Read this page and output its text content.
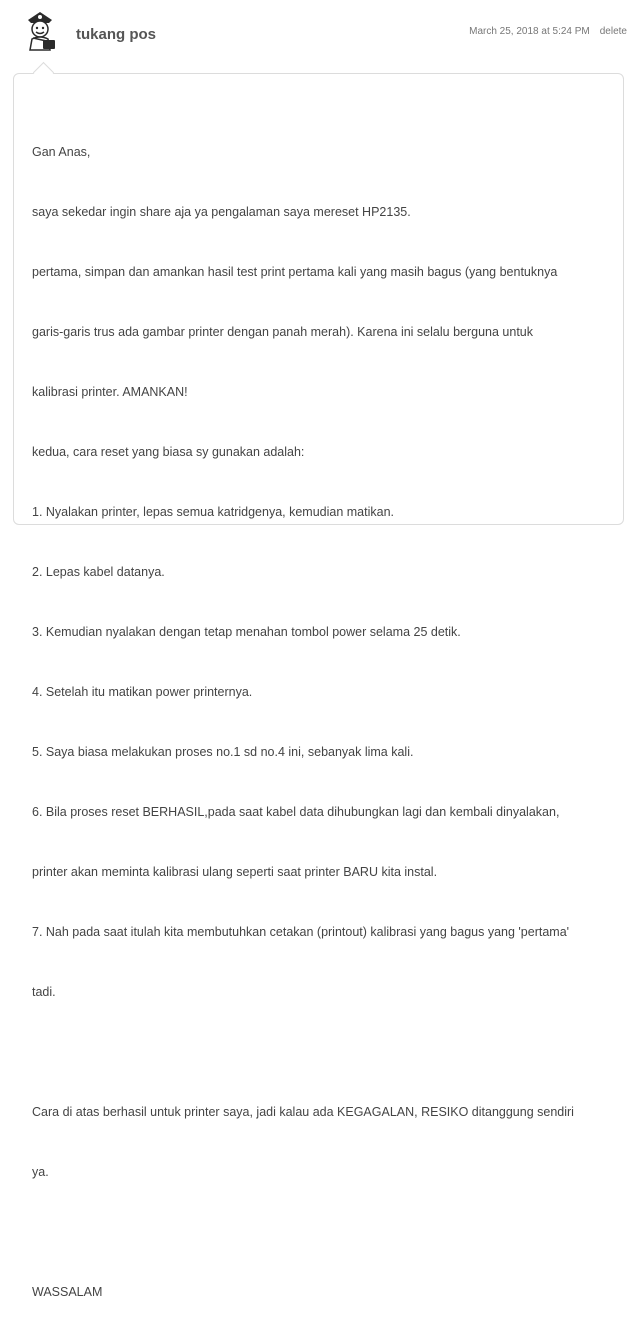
tukang pos	March 25, 2018 at 5:24 PM delete

Gan Anas,

saya sekedar ingin share aja ya pengalaman saya mereset HP2135.

pertama, simpan dan amankan hasil test print pertama kali yang masih bagus (yang bentuknya

garis-garis trus ada gambar printer dengan panah merah). Karena ini selalu berguna untuk

kalibrasi printer. AMANKAN!

kedua, cara reset yang biasa sy gunakan adalah:

1. Nyalakan printer, lepas semua katridgenya, kemudian matikan.

2. Lepas kabel datanya.

3. Kemudian nyalakan dengan tetap menahan tombol power selama 25 detik.

4. Setelah itu matikan power printernya.

5. Saya biasa melakukan proses no.1 sd no.4 ini, sebanyak lima kali.

6. Bila proses reset BERHASIL,pada saat kabel data dihubungkan lagi dan kembali dinyalakan,

printer akan meminta kalibrasi ulang seperti saat printer BARU kita instal.

7. Nah pada saat itulah kita membutuhkan cetakan (printout) kalibrasi yang bagus yang 'pertama'

tadi.

Cara di atas berhasil untuk printer saya, jadi kalau ada KEGAGALAN, RESIKO ditanggung sendiri

ya.

WASSALAM
